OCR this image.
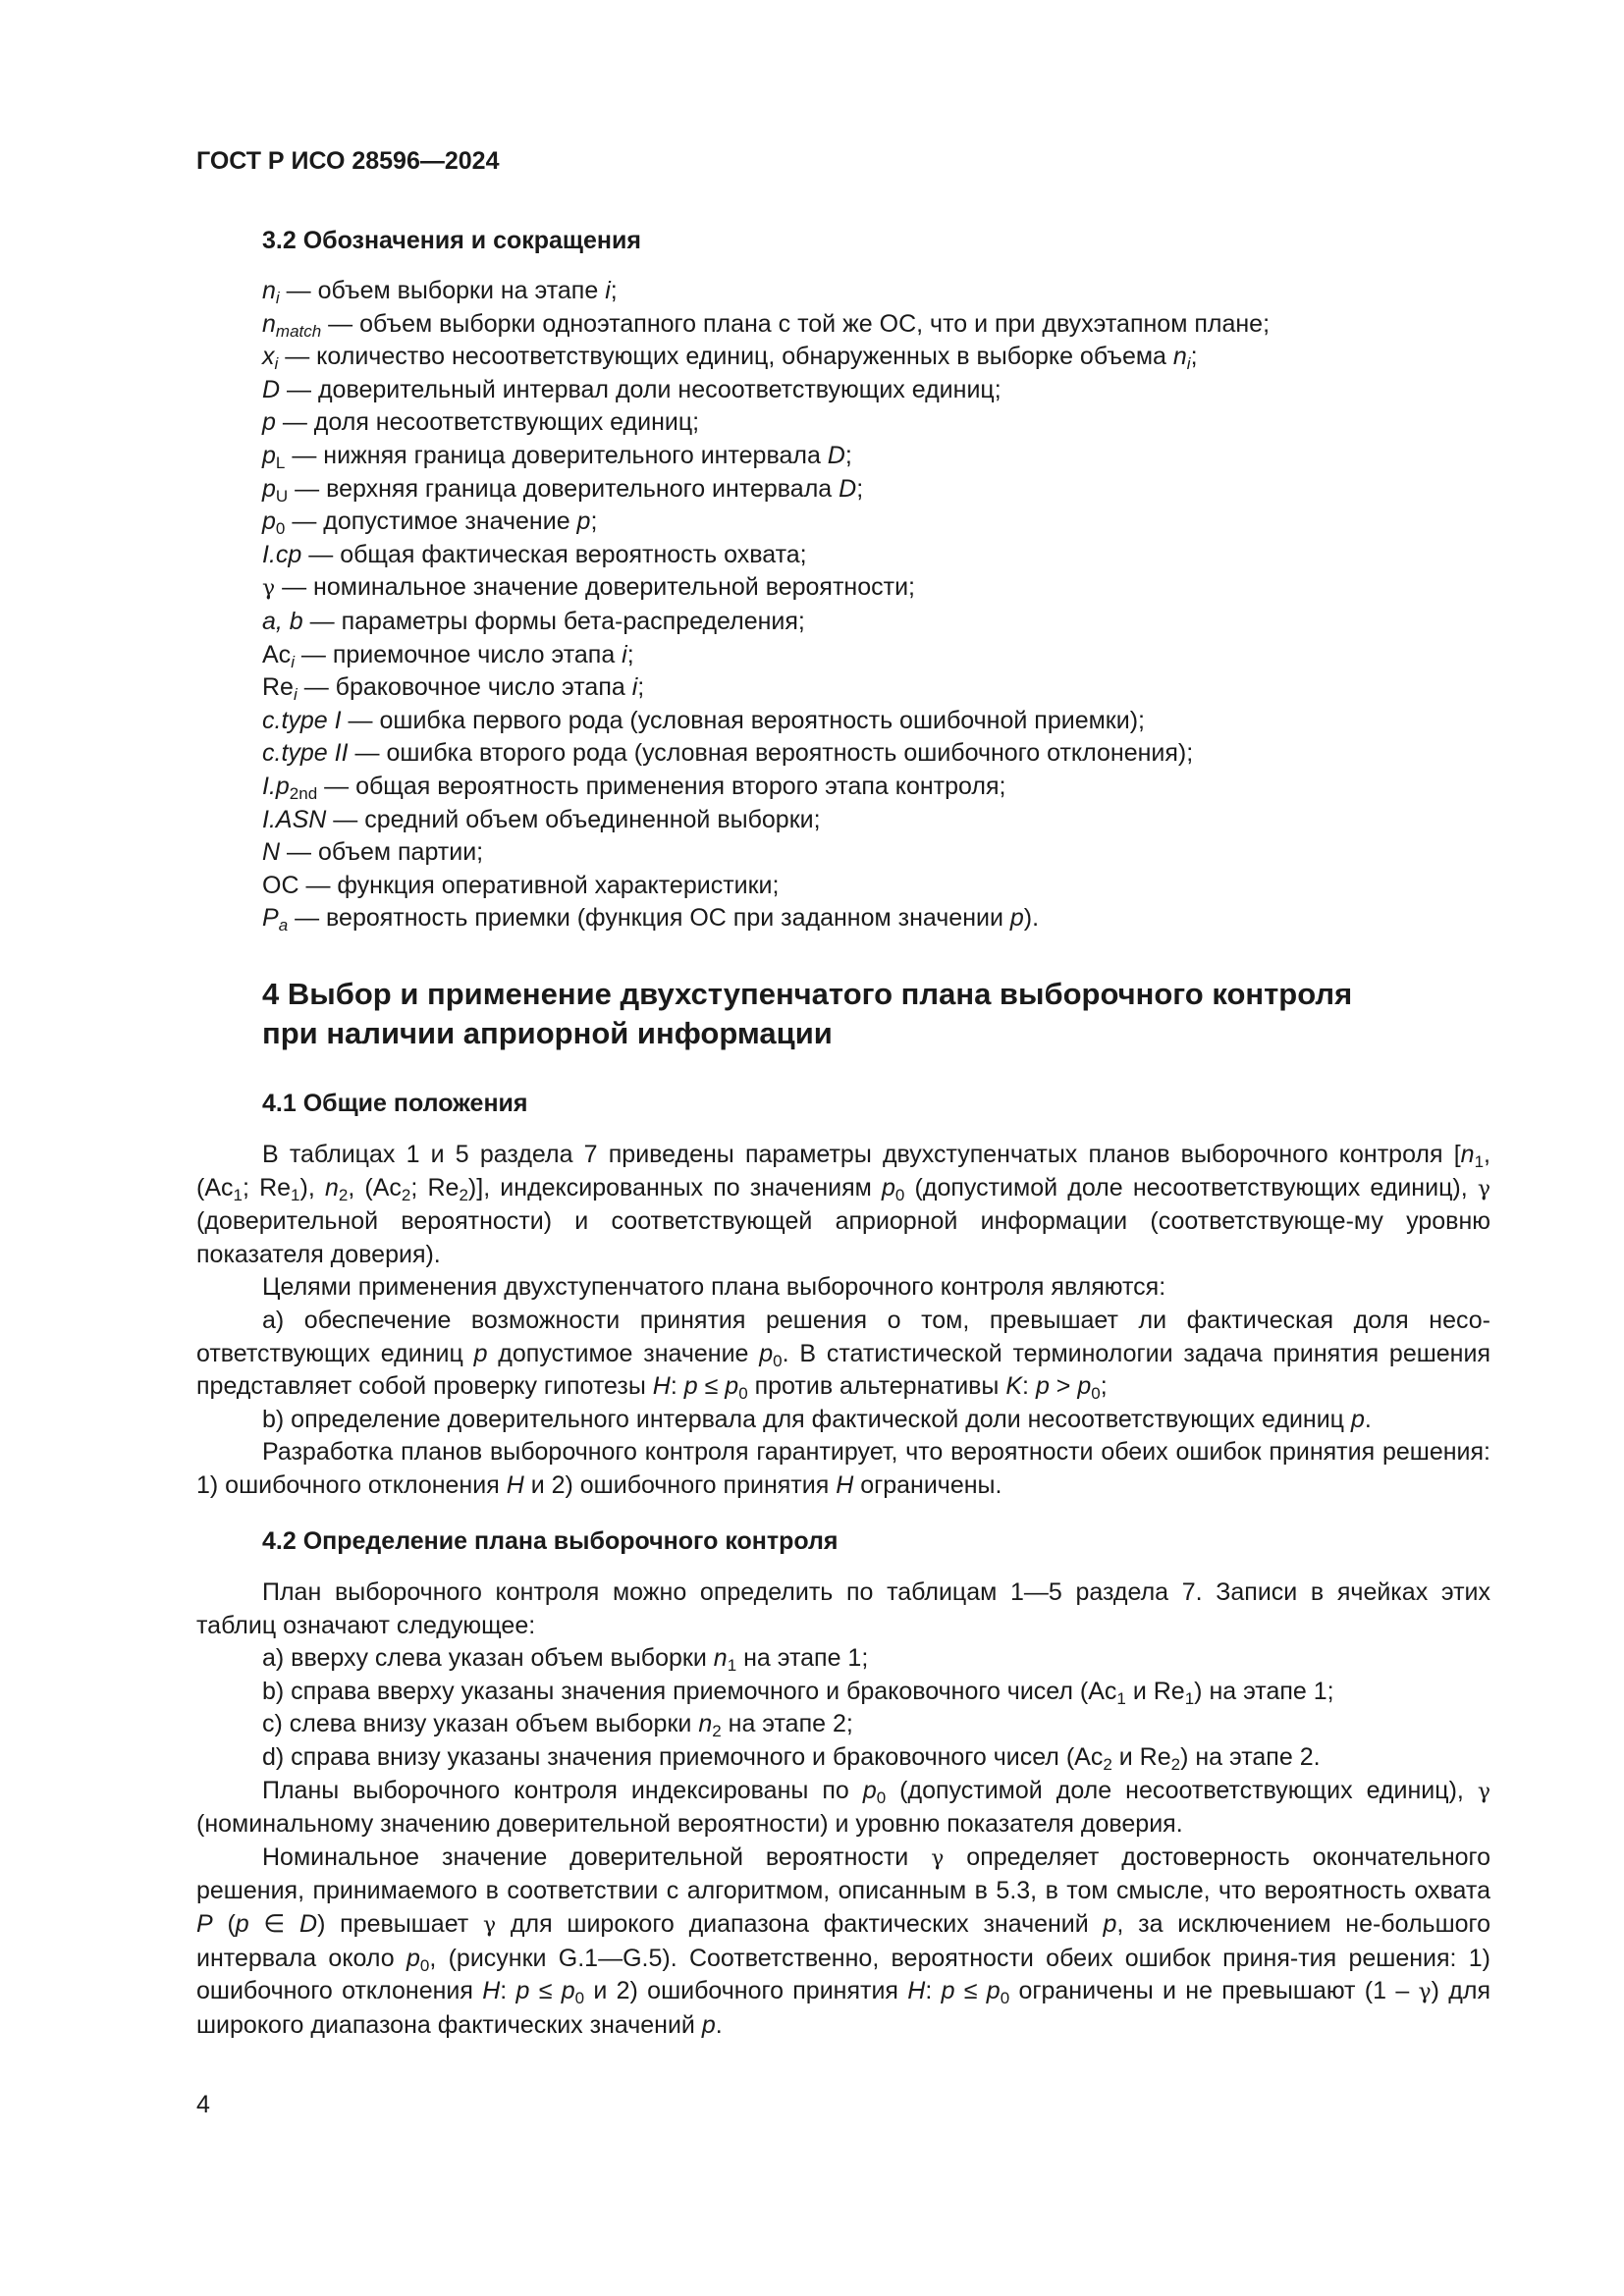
ГОСТ Р ИСО 28596—2024
3.2 Обозначения и сокращения
$n_i$ — объем выборки на этапе i;
$n_{match}$ — объем выборки одноэтапного плана с той же ОС, что и при двухэтапном плане;
$x_i$ — количество несоответствующих единиц, обнаруженных в выборке объема $n_i$;
D — доверительный интервал доли несоответствующих единиц;
p — доля несоответствующих единиц;
$p_L$ — нижняя граница доверительного интервала D;
$p_U$ — верхняя граница доверительного интервала D;
$p_0$ — допустимое значение p;
I.cp — общая фактическая вероятность охвата;
γ — номинальное значение доверительной вероятности;
a, b — параметры формы бета-распределения;
$Ac_i$ — приемочное число этапа i;
$Re_i$ — браковочное число этапа i;
c.type I — ошибка первого рода (условная вероятность ошибочной приемки);
c.type II — ошибка второго рода (условная вероятность ошибочного отклонения);
$I.p_{2nd}$ — общая вероятность применения второго этапа контроля;
I.ASN — средний объем объединенной выборки;
N — объем партии;
ОС — функция оперативной характеристики;
$P_a$ — вероятность приемки (функция ОС при заданном значении p).
4 Выбор и применение двухступенчатого плана выборочного контроля
при наличии априорной информации
4.1 Общие положения

В таблицах 1 и 5 раздела 7 приведены параметры двухступенчатых планов выборочного контроля [$n_1$, ($Ac_1$; $Re_1$), $n_2$, ($Ac_2$; $Re_2$)], индексированных по значениям $p_0$ (допустимой доле несоответствующих единиц), γ (доверительной вероятности) и соответствующей априорной информации (соответствующе-му уровню показателя доверия).

Целями применения двухступенчатого плана выборочного контроля являются:

а) обеспечение возможности принятия решения о том, превышает ли фактическая доля несо-ответствующих единиц p допустимое значение $p_0$. В статистической терминологии задача принятия решения представляет собой проверку гипотезы H: $p \le p_0$ против альтернативы K: $p > p_0$;

b) определение доверительного интервала для фактической доли несоответствующих единиц p.

Разработка планов выборочного контроля гарантирует, что вероятности обеих ошибок принятия решения: 1) ошибочного отклонения H и 2) ошибочного принятия H ограничены.

4.2 Определение плана выборочного контроля

План выборочного контроля можно определить по таблицам 1—5 раздела 7. Записи в ячейках этих таблиц означают следующее:

а) вверху слева указан объем выборки $n_1$ на этапе 1;

b) справа вверху указаны значения приемочного и браковочного чисел ($Ac_1$ и $Re_1$) на этапе 1;

с) слева внизу указан объем выборки $n_2$ на этапе 2;

d) справа внизу указаны значения приемочного и браковочного чисел ($Ac_2$ и $Re_2$) на этапе 2.

Планы выборочного контроля индексированы по $p_0$ (допустимой доле несоответствующих единиц), γ (номинальному значению доверительной вероятности) и уровню показателя доверия.

Номинальное значение доверительной вероятности γ определяет достоверность окончательного решения, принимаемого в соответствии с алгоритмом, описанным в 5.3, в том смысле, что вероятность охвата P (p ∈ D) превышает γ для широкого диапазона фактических значений p, за исключением не-большого интервала около $p_0$, (рисунки G.1—G.5). Соответственно, вероятности обеих ошибок приня-тия решения: 1) ошибочного отклонения H: $p \le p_0$ и 2) ошибочного принятия H: $p \le p_0$ ограничены и не превышают (1 – γ) для широкого диапазона фактических значений p.

4
